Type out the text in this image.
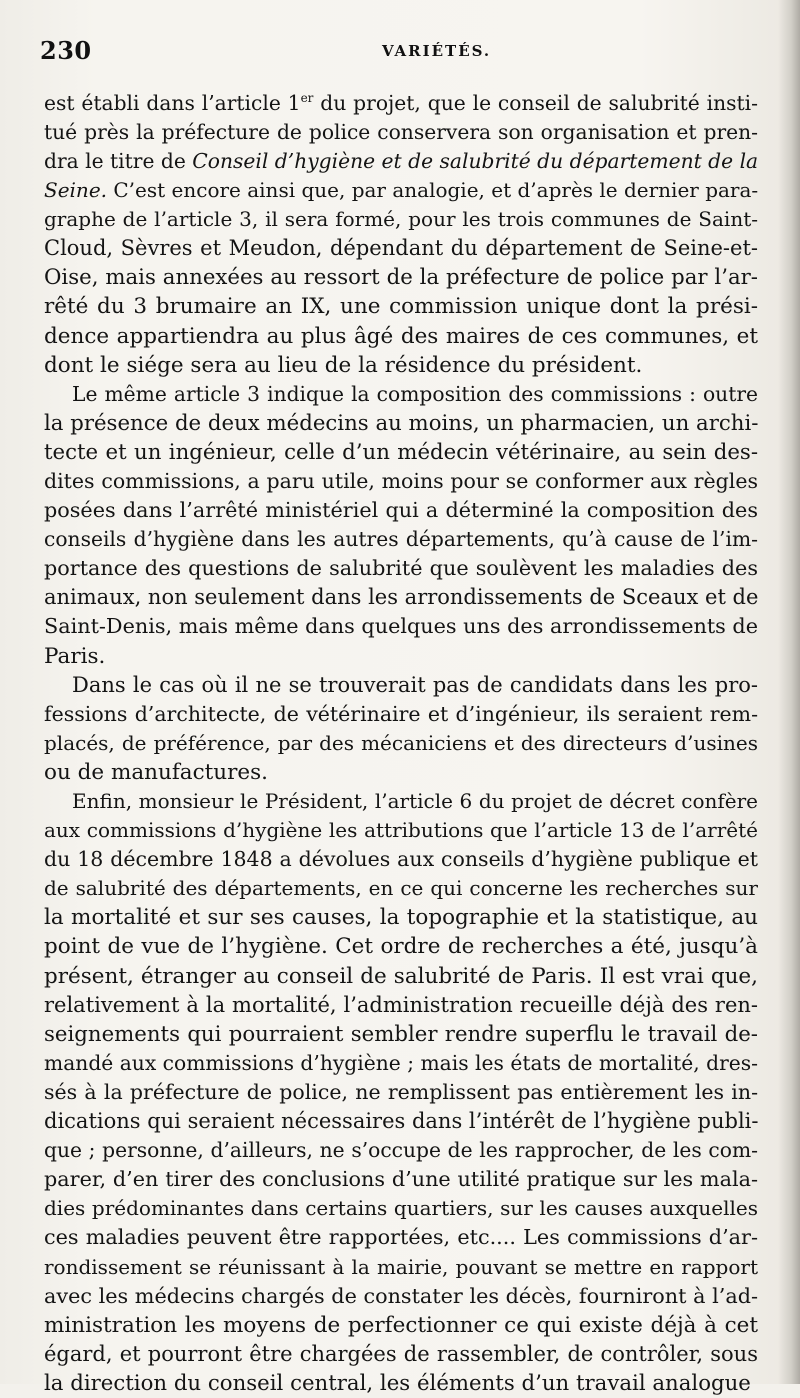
230	VARIÉTÉS.

est établi dans l’article 1er du projet, que le conseil de salubrité insti-
tué près la préfecture de police conservera son organisation et pren-
dra le titre de Conseil d’hygiène et de salubrité du département de la
Seine. C’est encore ainsi que, par analogie, et d’après le dernier para-
graphe de l’article 3, il sera formé, pour les trois communes de Saint-
Cloud, Sèvres et Meudon, dépendant du département de Seine-et-
Oise, mais annexées au ressort de la préfecture de police par l’ar-
rêté du 3 brumaire an IX, une commission unique dont la prési-
dence appartiendra au plus âgé des maires de ces communes, et
dont le siége sera au lieu de la résidence du président.

Le même article 3 indique la composition des commissions : outre
la présence de deux médecins au moins, un pharmacien, un archi-
tecte et un ingénieur, celle d’un médecin vétérinaire, au sein des-
dites commissions, a paru utile, moins pour se conformer aux règles
posées dans l’arrêté ministériel qui a déterminé la composition des
conseils d’hygiène dans les autres départements, qu’à cause de l’im-
portance des questions de salubrité que soulèvent les maladies des
animaux, non seulement dans les arrondissements de Sceaux et de
Saint-Denis, mais même dans quelques uns des arrondissements de
Paris.

Dans le cas où il ne se trouverait pas de candidats dans les pro-
fessions d’architecte, de vétérinaire et d’ingénieur, ils seraient rem-
placés, de préférence, par des mécaniciens et des directeurs d’usines
ou de manufactures.

Enfin, monsieur le Président, l’article 6 du projet de décret confère
aux commissions d’hygiène les attributions que l’article 13 de l’arrêté
du 18 décembre 1848 a dévolues aux conseils d’hygiène publique et
de salubrité des départements, en ce qui concerne les recherches sur
la mortalité et sur ses causes, la topographie et la statistique, au
point de vue de l’hygiène. Cet ordre de recherches a été, jusqu’à
présent, étranger au conseil de salubrité de Paris. Il est vrai que,
relativement à la mortalité, l’administration recueille déjà des ren-
seignements qui pourraient sembler rendre superflu le travail de-
mandé aux commissions d’hygiène ; mais les états de mortalité, dres-
sés à la préfecture de police, ne remplissent pas entièrement les in-
dications qui seraient nécessaires dans l’intérêt de l’hygiène publi-
que ; personne, d’ailleurs, ne s’occupe de les rapprocher, de les com-
parer, d’en tirer des conclusions d’une utilité pratique sur les mala-
dies prédominantes dans certains quartiers, sur les causes auxquelles
ces maladies peuvent être rapportées, etc.... Les commissions d’ar-
rondissement se réunissant à la mairie, pouvant se mettre en rapport
avec les médecins chargés de constater les décès, fourniront à l’ad-
ministration les moyens de perfectionner ce qui existe déjà à cet
égard, et pourront être chargées de rassembler, de contrôler, sous
la direction du conseil central, les éléments d’un travail analogue
